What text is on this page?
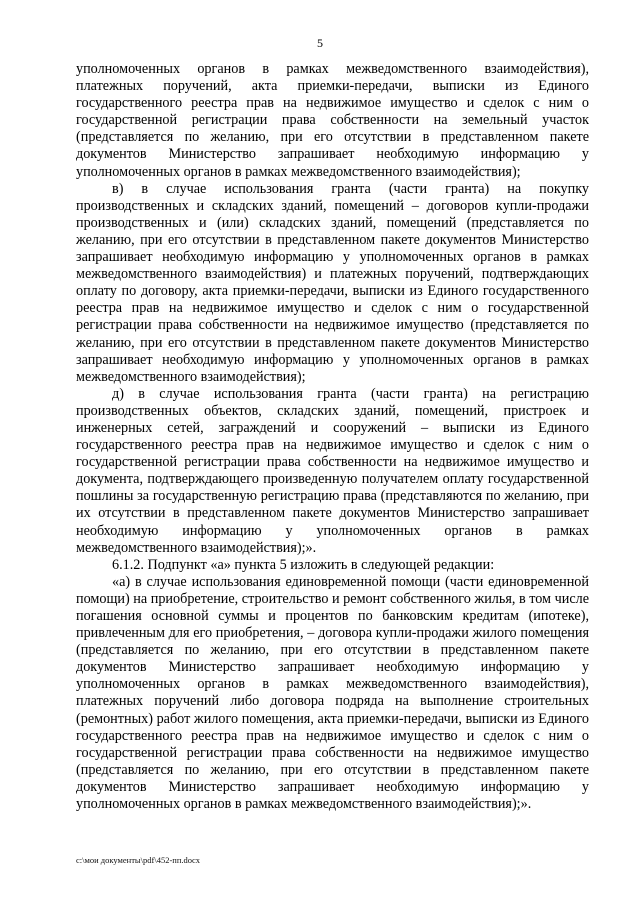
5

уполномоченных органов в рамках межведомственного взаимодействия), платежных поручений, акта приемки-передачи, выписки из Единого государственного реестра прав на недвижимое имущество и сделок с ним о государственной регистрации права собственности на земельный участок (представляется по желанию, при его отсутствии в представленном пакете документов Министерство запрашивает необходимую информацию у уполномоченных органов в рамках межведомственного взаимодействия);

в) в случае использования гранта (части гранта) на покупку производственных и складских зданий, помещений – договоров купли-продажи производственных и (или) складских зданий, помещений (представляется по желанию, при его отсутствии в представленном пакете документов Министерство запрашивает необходимую информацию у уполномоченных органов в рамках межведомственного взаимодействия) и платежных поручений, подтверждающих оплату по договору, акта приемки-передачи, выписки из Единого государственного реестра прав на недвижимое имущество и сделок с ним о государственной регистрации права собственности на недвижимое имущество (представляется по желанию, при его отсутствии в представленном пакете документов Министерство запрашивает необходимую информацию у уполномоченных органов в рамках межведомственного взаимодействия);

д) в случае использования гранта (части гранта) на регистрацию производственных объектов, складских зданий, помещений, пристроек и инженерных сетей, заграждений и сооружений – выписки из Единого государственного реестра прав на недвижимое имущество и сделок с ним о государственной регистрации права собственности на недвижимое имущество и документа, подтверждающего произведенную получателем оплату государственной пошлины за государственную регистрацию права (представляются по желанию, при их отсутствии в представленном пакете документов Министерство запрашивает необходимую информацию у уполномоченных органов в рамках межведомственного взаимодействия);».

6.1.2. Подпункт «а» пункта 5 изложить в следующей редакции:

«а) в случае использования единовременной помощи (части единовременной помощи) на приобретение, строительство и ремонт собственного жилья, в том числе погашения основной суммы и процентов по банковским кредитам (ипотеке), привлеченным для его приобретения, – договора купли-продажи жилого помещения (представляется по желанию, при его отсутствии в представленном пакете документов Министерство запрашивает необходимую информацию у уполномоченных органов в рамках межведомственного взаимодействия), платежных поручений либо договора подряда на выполнение строительных (ремонтных) работ жилого помещения, акта приемки-передачи, выписки из Единого государственного реестра прав на недвижимое имущество и сделок с ним о государственной регистрации права собственности на недвижимое имущество (представляется по желанию, при его отсутствии в представленном пакете документов Министерство запрашивает необходимую информацию у уполномоченных органов в рамках межведомственного взаимодействия);».

c:\мои документы\pdf\452-пп.docx
